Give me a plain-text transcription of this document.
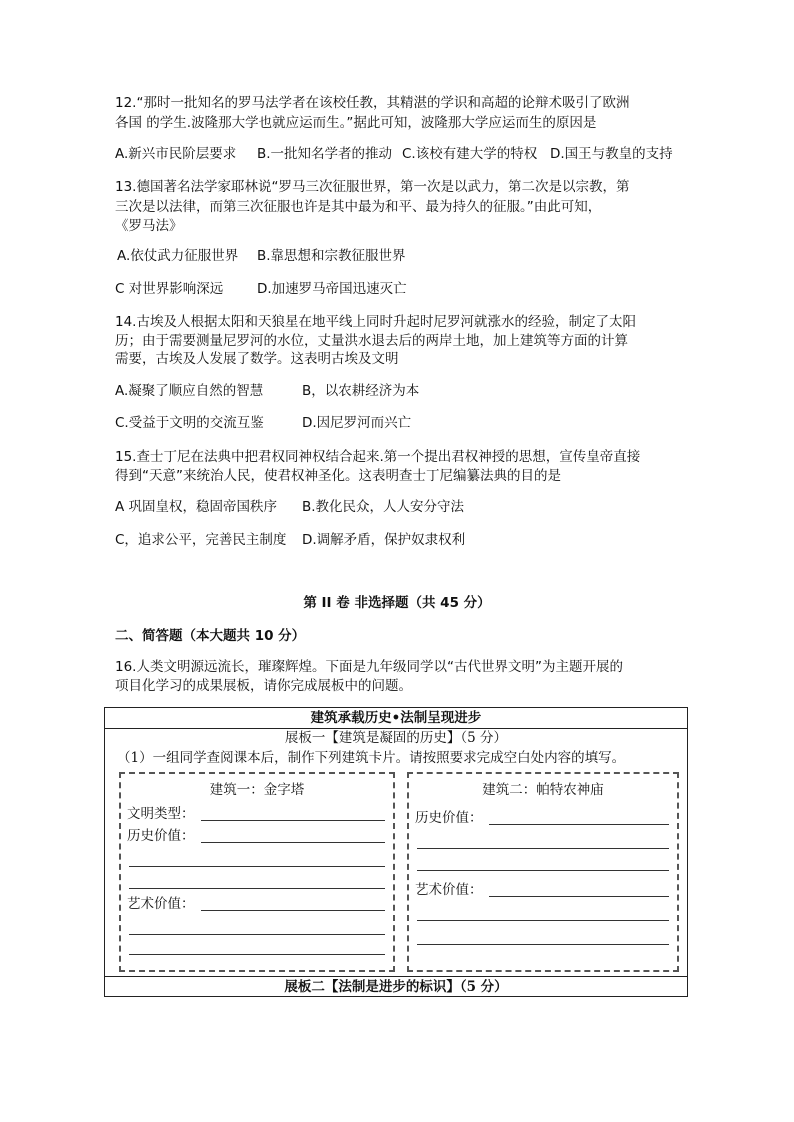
12.“那时一批知名的罗马法学者在该校任教，其精湛的学识和高超的论辩术吸引了欧洲
各国 的学生.波隆那大学也就应运而生。”据此可知，波隆那大学应运而生的原因是
A.新兴市民阶层要求 B.一批知名学者的推动 C.该校有建大学的特权 D.国王与教皇的支持
13.德国著名法学家耶林说“罗马三次征服世界，第一次是以武力，第二次是以宗教，第
三次是以法律，而第三次征服也许是其中最为和平、最为持久的征服。”由此可知，
《罗马法》
A.依仗武力征服世界 B.靠思想和宗教征服世界
C 对世界影响深远	D.加速罗马帝国迅速灭亡
14.古埃及人根据太阳和天狼星在地平线上同时升起时尼罗河就涨水的经验，制定了太阳
历；由于需要测量尼罗河的水位，丈量洪水退去后的两岸土地，加上建筑等方面的计算
需要，古埃及人发展了数学。这表明古埃及文明
A.凝聚了顺应自然的智慧	B，以农耕经济为本
C.受益于文明的交流互鉴	D.因尼罗河而兴亡
15.查士丁尼在法典中把君权同神权结合起来.第一个提出君权神授的思想，宣传皇帝直接
得到“天意”来统治人民，使君权神圣化。这表明查士丁尼编纂法典的目的是
A 巩固皇权，稳固帝国秩序 B.教化民众，人人安分守法
C，追求公平，完善民主制度 D.调解矛盾，保护奴隶权利
第 II 卷 非选择题（共 45 分）
二、简答题（本大题共 10 分）
16.人类文明源远流长，璀璨辉煌。下面是九年级同学以“古代世界文明”为主题开展的
项目化学习的成果展板，请你完成展板中的问题。
建筑承载历史•法制呈现进步
展板一【建筑是凝固的历史】（5 分）
（1）一组同学查阅课本后，制作下列建筑卡片。请按照要求完成空白处内容的填写。
建筑一：金字塔
文明类型：
历史价值：
艺术价值：
建筑二：帕特农神庙
历史价值：
艺术价值：
展板二【法制是进步的标识】（5 分）
